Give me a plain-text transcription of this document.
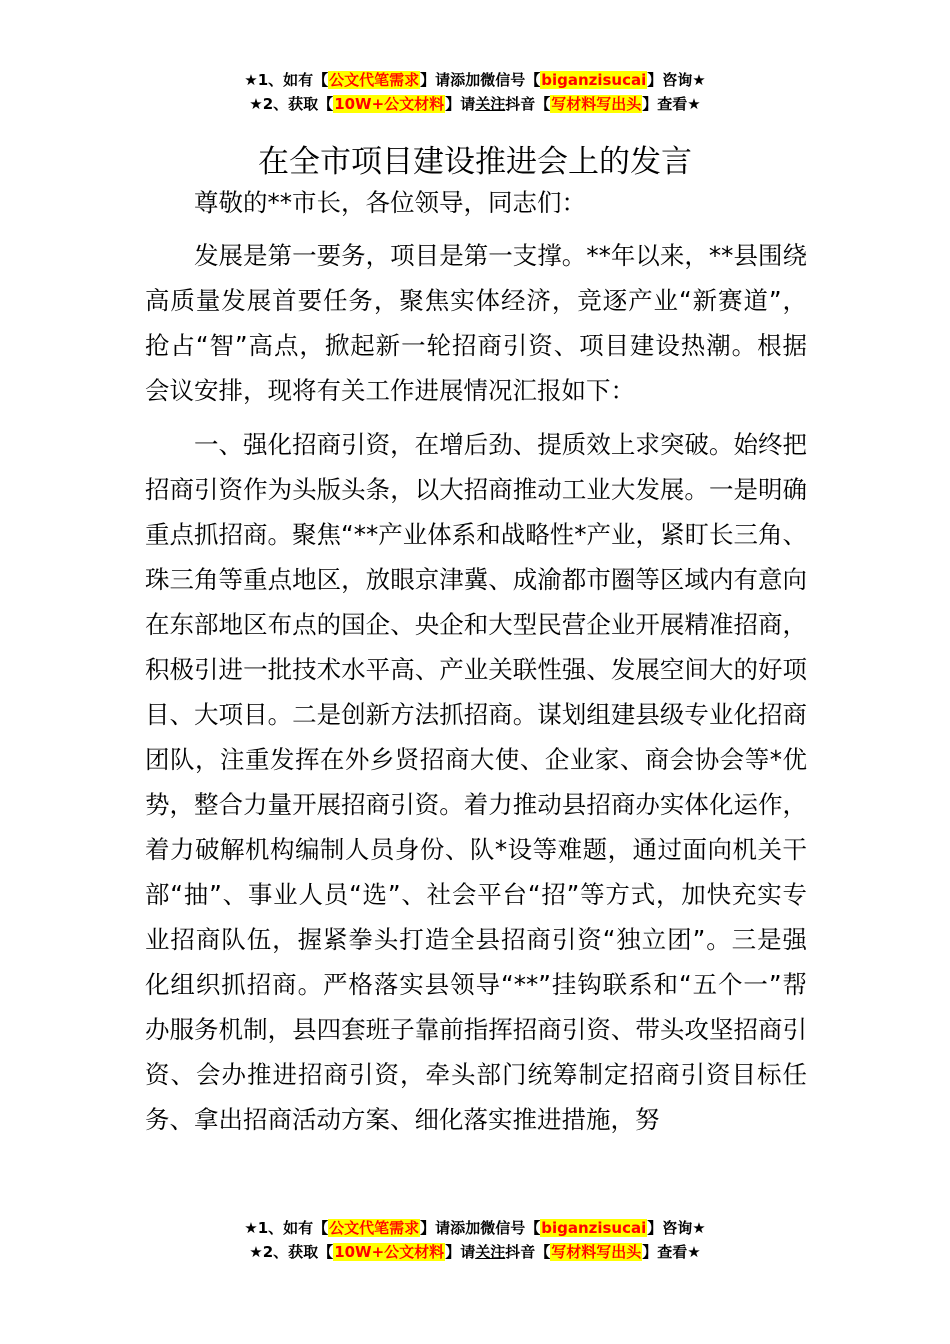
★1、如有【公文代笔需求】请添加微信号【biganzisucai】咨询★
★2、获取【10W+公文材料】请关注抖音【写材料写出头】查看★
在全市项目建设推进会上的发言

尊敬的**市长，各位领导，同志们：

发展是第一要务，项目是第一支撑。**年以来，**县围绕高质量发展首要任务，聚焦实体经济，竞逐产业“新赛道”，抢占“智”高点，掀起新一轮招商引资、项目建设热潮。根据会议安排，现将有关工作进展情况汇报如下：

一、强化招商引资，在增后劲、提质效上求突破。始终把招商引资作为头版头条，以大招商推动工业大发展。一是明确重点抓招商。聚焦“**产业体系和战略性*产业，紧盯长三角、珠三角等重点地区，放眼京津冀、成渝都市圈等区域内有意向在东部地区布点的国企、央企和大型民营企业开展精准招商，积极引进一批技术水平高、产业关联性强、发展空间大的好项目、大项目。二是创新方法抓招商。谋划组建县级专业化招商团队，注重发挥在外乡贤招商大使、企业家、商会协会等*优势，整合力量开展招商引资。着力推动县招商办实体化运作，着力破解机构编制人员身份、队*设等难题，通过面向机关干部“抽”、事业人员“选”、社会平台“招”等方式，加快充实专业招商队伍，握紧拳头打造全县招商引资“独立团”。三是强化组织抓招商。严格落实县领导“**”挂钩联系和“五个一”帮办服务机制，县四套班子靠前指挥招商引资、带头攻坚招商引资、会办推进招商引资，牵头部门统筹制定招商引资目标任务、拿出招商活动方案、细化落实推进措施，努

★1、如有【公文代笔需求】请添加微信号【biganzisucai】咨询★
★2、获取【10W+公文材料】请关注抖音【写材料写出头】查看★
